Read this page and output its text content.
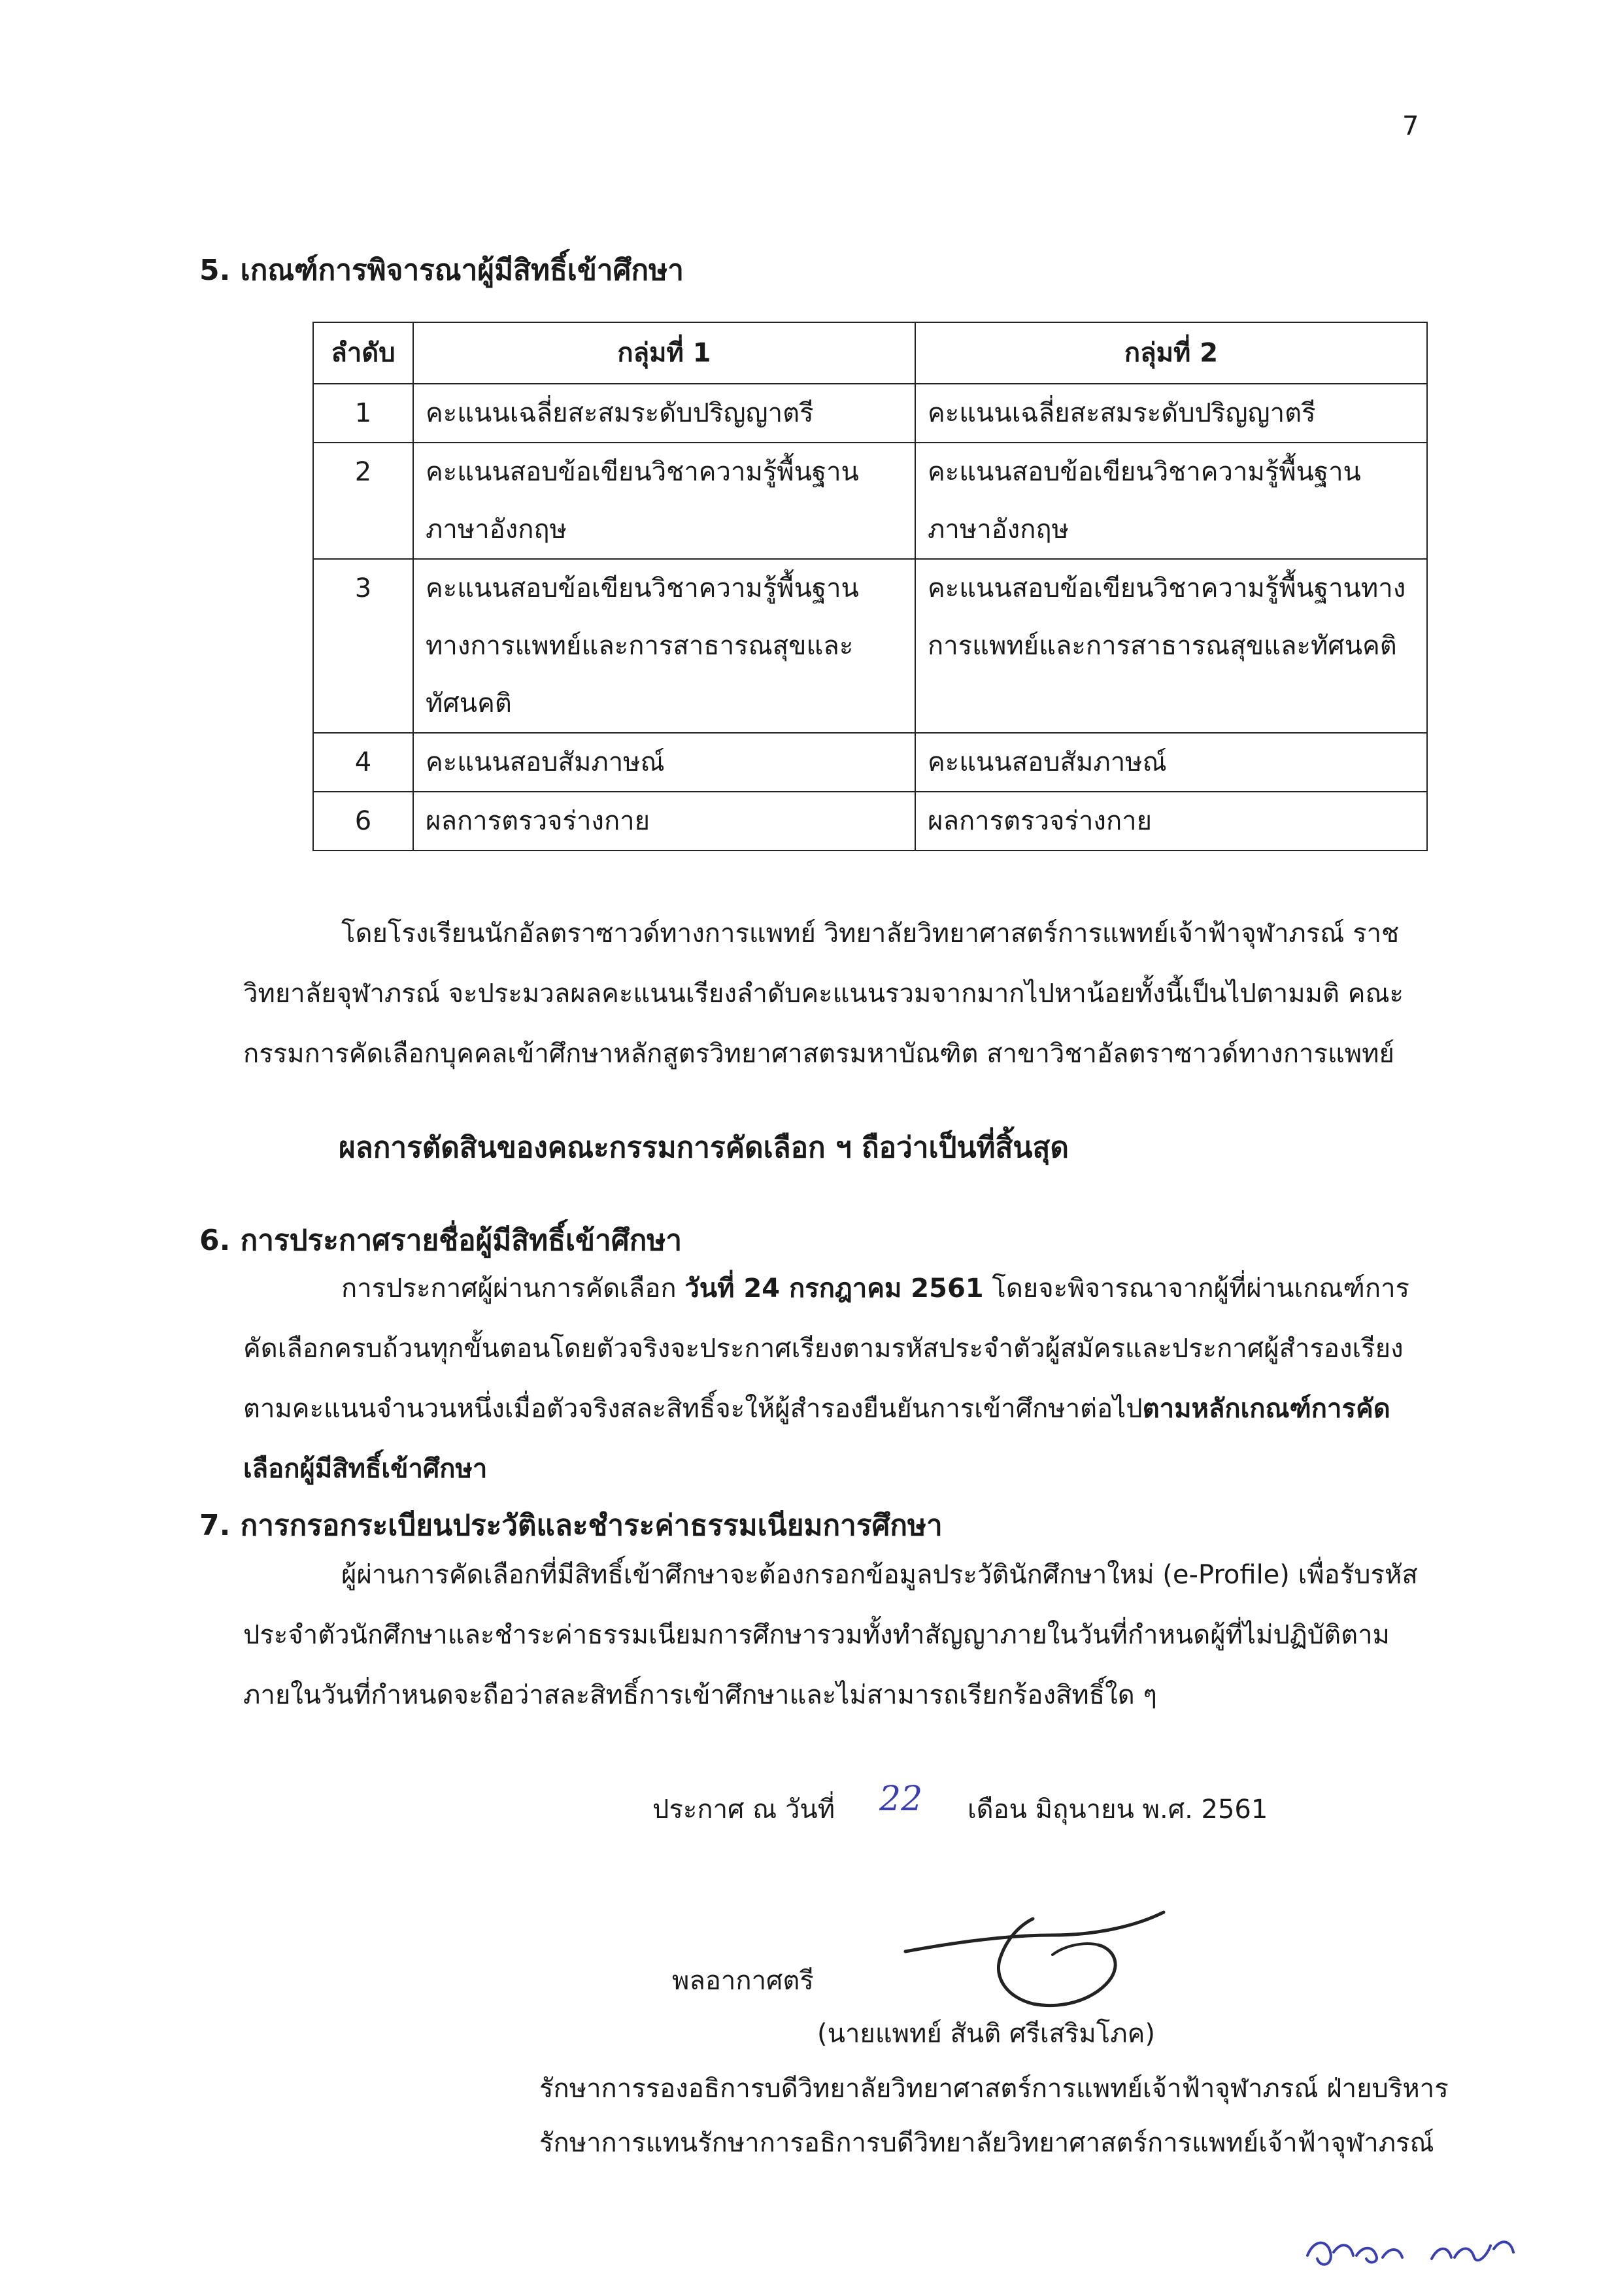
7
5. เกณฑ์การพิจารณาผู้มีสิทธิ์เข้าศึกษา
ลำดับ	กลุ่มที่ 1	กลุ่มที่ 2
1	คะแนนเฉลี่ยสะสมระดับปริญญาตรี	คะแนนเฉลี่ยสะสมระดับปริญญาตรี
2	คะแนนสอบข้อเขียนวิชาความรู้พื้นฐาน ภาษาอังกฤษ	คะแนนสอบข้อเขียนวิชาความรู้พื้นฐาน ภาษาอังกฤษ
3	คะแนนสอบข้อเขียนวิชาความรู้พื้นฐาน ทางการแพทย์และการสาธารณสุขและ ทัศนคติ	คะแนนสอบข้อเขียนวิชาความรู้พื้นฐานทาง การแพทย์และการสาธารณสุขและทัศนคติ
4	คะแนนสอบสัมภาษณ์	คะแนนสอบสัมภาษณ์
6	ผลการตรวจร่างกาย	ผลการตรวจร่างกาย
โดยโรงเรียนนักอัลตราซาวด์ทางการแพทย์ วิทยาลัยวิทยาศาสตร์การแพทย์เจ้าฟ้าจุฬาภรณ์ ราชวิทยาลัยจุฬาภรณ์ จะประมวลผลคะแนนเรียงลำดับคะแนนรวมจากมากไปหาน้อยทั้งนี้เป็นไปตามมติ คณะกรรมการคัดเลือกบุคคลเข้าศึกษาหลักสูตรวิทยาศาสตรมหาบัณฑิต สาขาวิชาอัลตราซาวด์ทางการแพทย์
ผลการตัดสินของคณะกรรมการคัดเลือก ฯ ถือว่าเป็นที่สิ้นสุด
6. การประกาศรายชื่อผู้มีสิทธิ์เข้าศึกษา
การประกาศผู้ผ่านการคัดเลือก วันที่ 24 กรกฎาคม 2561 โดยจะพิจารณาจากผู้ที่ผ่านเกณฑ์การคัดเลือกครบถ้วนทุกขั้นตอนโดยตัวจริงจะประกาศเรียงตามรหัสประจำตัวผู้สมัครและประกาศผู้สำรองเรียงตามคะแนนจำนวนหนึ่งเมื่อตัวจริงสละสิทธิ์จะให้ผู้สำรองยืนยันการเข้าศึกษาต่อไปตามหลักเกณฑ์การคัดเลือกผู้มีสิทธิ์เข้าศึกษา
7. การกรอกระเบียนประวัติและชำระค่าธรรมเนียมการศึกษา
ผู้ผ่านการคัดเลือกที่มีสิทธิ์เข้าศึกษาจะต้องกรอกข้อมูลประวัตินักศึกษาใหม่ (e-Profile) เพื่อรับรหัสประจำตัวนักศึกษาและชำระค่าธรรมเนียมการศึกษารวมทั้งทำสัญญาภายในวันที่กำหนดผู้ที่ไม่ปฏิบัติตามภายในวันที่กำหนดจะถือว่าสละสิทธิ์การเข้าศึกษาและไม่สามารถเรียกร้องสิทธิ์ใด ๆ
ประกาศ ณ วันที่ 22 เดือน มิถุนายน พ.ศ. 2561
พลอากาศตรี
(นายแพทย์ สันติ ศรีเสริมโภค)
รักษาการรองอธิการบดีวิทยาลัยวิทยาศาสตร์การแพทย์เจ้าฟ้าจุฬาภรณ์ ฝ่ายบริหาร
รักษาการแทนรักษาการอธิการบดีวิทยาลัยวิทยาศาสตร์การแพทย์เจ้าฟ้าจุฬาภรณ์
